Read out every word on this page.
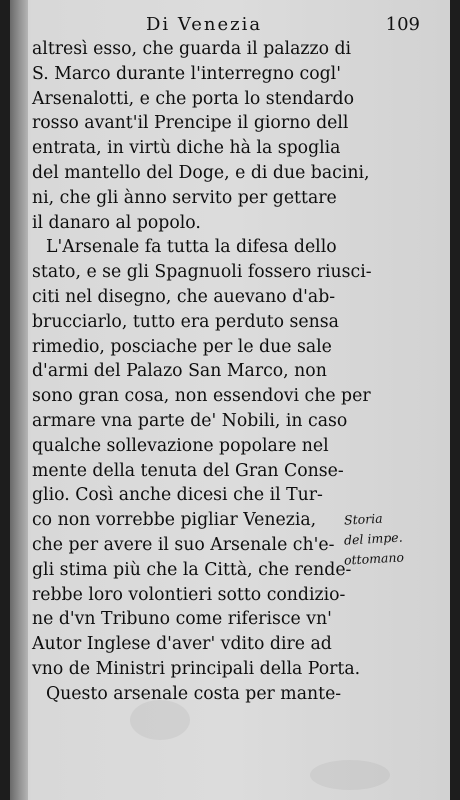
Di Venezia	109
altresì esso, che guarda il palazzo di
S. Marco durante l'interregno cogl'
Arsenalotti, e che porta lo stendardo
rosso avant'il Prencipe il giorno dell
entrata, in virtù diche hà la spoglia
del mantello del Doge, e di due bacini,
ni, che gli ànno servito per gettare
il danaro al popolo.
L'Arsenale fa tutta la difesa dello
stato, e se gli Spagnuoli fossero riusci-
citi nel disegno, che auevano d'ab-
brucciarlo, tutto era perduto sensa
rimedio, posciache per le due sale
d'armi del Palazo San Marco, non
sono gran cosa, non essendovi che per
armare vna parte de' Nobili, in caso
qualche sollevazione popolare nel
mente della tenuta del Gran Conse-
glio. Così anche dicesi che il Tur-
co non vorrebbe pigliar Venezia,
che per avere il suo Arsenale ch'e-
gli stima più che la Città, che rende-
rebbe loro volontieri sotto condizio-
ne d'vn Tribuno come riferisce vn'
Autor Inglese d'aver' vdito dire ad
vno de Ministri principali della Porta.
Questo arsenale costa per mante-
Storia
del impe.
ottomano
